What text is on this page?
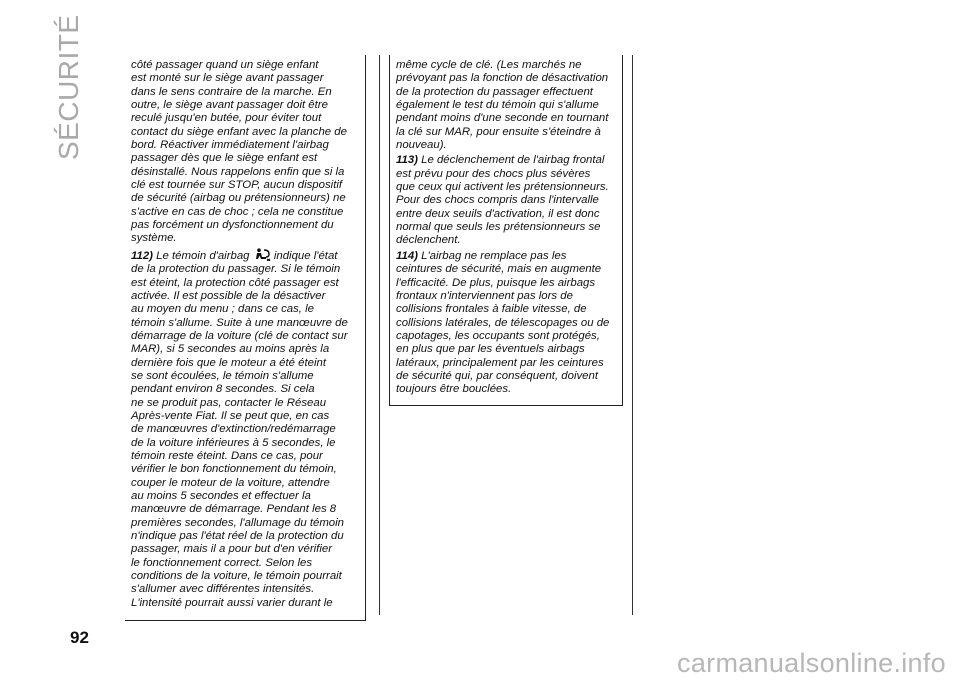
SÉCURITÉ	côté passager quand un siège enfant
est monté sur le siège avant passager
dans le sens contraire de la marche. En
outre, le siège avant passager doit être
reculé jusqu'en butée, pour éviter tout
contact du siège enfant avec la planche de
bord. Réactiver immédiatement l'airbag
passager dès que le siège enfant est
désinstallé. Nous rappelons enfin que si la
clé est tournée sur STOP, aucun dispositif
de sécurité (airbag ou prétensionneurs) ne
s'active en cas de choc ; cela ne constitue
pas forcément un dysfonctionnement du
système.
112) Le témoin d'airbag indique l'état
de la protection du passager. Si le témoin
est éteint, la protection côté passager est
activée. Il est possible de la désactiver
au moyen du menu ; dans ce cas, le
témoin s'allume. Suite à une manœuvre de
démarrage de la voiture (clé de contact sur
MAR), si 5 secondes au moins après la
dernière fois que le moteur a été éteint
se sont écoulées, le témoin s'allume
pendant environ 8 secondes. Si cela
ne se produit pas, contacter le Réseau
Après-vente Fiat. Il se peut que, en cas
de manœuvres d'extinction/redémarrage
de la voiture inférieures à 5 secondes, le
témoin reste éteint. Dans ce cas, pour
vérifier le bon fonctionnement du témoin,
couper le moteur de la voiture, attendre
au moins 5 secondes et effectuer la
manœuvre de démarrage. Pendant les 8
premières secondes, l'allumage du témoin
n'indique pas l'état réel de la protection du
passager, mais il a pour but d'en vérifier
le fonctionnement correct. Selon les
conditions de la voiture, le témoin pourrait
s'allumer avec différentes intensités.
L'intensité pourrait aussi varier durant le
même cycle de clé. (Les marchés ne
prévoyant pas la fonction de désactivation
de la protection du passager effectuent
également le test du témoin qui s'allume
pendant moins d'une seconde en tournant
la clé sur MAR, pour ensuite s'éteindre à
nouveau).
113) Le déclenchement de l'airbag frontal
est prévu pour des chocs plus sévères
que ceux qui activent les prétensionneurs.
Pour des chocs compris dans l'intervalle
entre deux seuils d'activation, il est donc
normal que seuls les prétensionneurs se
déclenchent.
114) L'airbag ne remplace pas les
ceintures de sécurité, mais en augmente
l'efficacité. De plus, puisque les airbags
frontaux n'interviennent pas lors de
collisions frontales à faible vitesse, de
collisions latérales, de télescopages ou de
capotages, les occupants sont protégés,
en plus que par les éventuels airbags
latéraux, principalement par les ceintures
de sécurité qui, par conséquent, doivent
toujours être bouclées.
92
carmanualsonline.info
